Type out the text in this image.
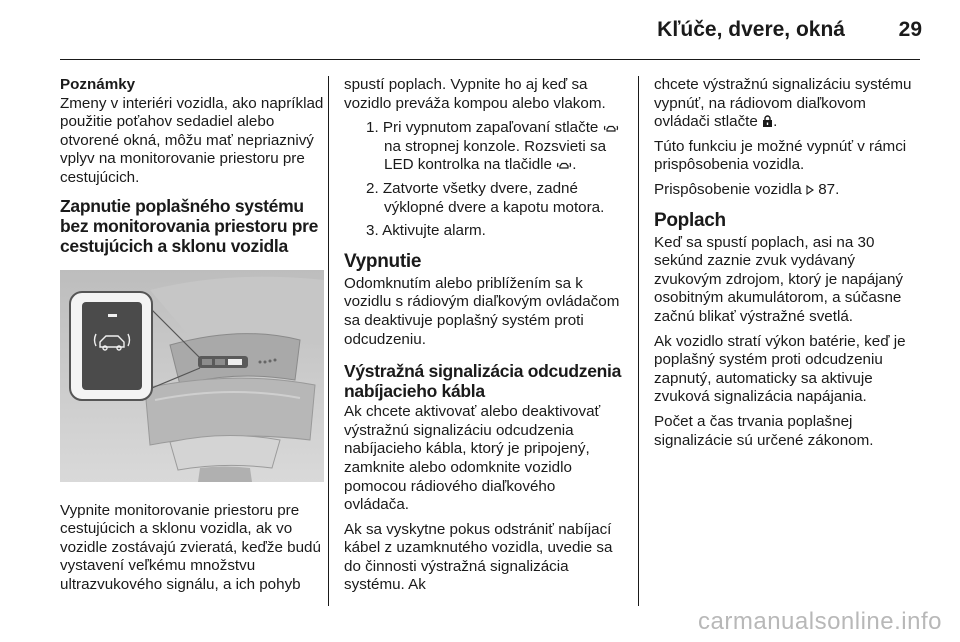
Kľúče, dvere, okná	29

Poznámky

Zmeny v interiéri vozidla, ako napríklad použitie poťahov sedadiel alebo otvorené okná, môžu mať nepriaznivý vplyv na monitorovanie priestoru pre cestujúcich.

Zapnutie poplašného systému bez monitorovania priestoru pre cestujúcich a sklonu vozidla

Vypnite monitorovanie priestoru pre cestujúcich a sklonu vozidla, ak vo vozidle zostávajú zvieratá, keďže budú vystavení veľkému množstvu ultrazvukového signálu, a ich pohyb

spustí poplach. Vypnite ho aj keď sa vozidlo preváža kompou alebo vlakom.

1. Pri vypnutom zapaľovaní stlačte  na stropnej konzole. Rozsvieti sa LED kontrolka na tlačidle .
2. Zatvorte všetky dvere, zadné výklopné dvere a kapotu motora.
3. Aktivujte alarm.
Vypnutie

Odomknutím alebo priblížením sa k vozidlu s rádiovým diaľkovým ovládačom sa deaktivuje poplašný systém proti odcudzeniu.

Výstražná signalizácia odcudzenia nabíjacieho kábla

Ak chcete aktivovať alebo deaktivovať výstražnú signalizáciu odcudzenia nabíjacieho kábla, ktorý je pripojený, zamknite alebo odomknite vozidlo pomocou rádiového diaľkového ovládača.

Ak sa vyskytne pokus odstrániť nabíjací kábel z uzamknutého vozidla, uvedie sa do činnosti výstražná signalizácia systému. Ak

chcete výstražnú signalizáciu systému vypnúť, na rádiovom diaľkovom ovládači stlačte .

Túto funkciu je možné vypnúť v rámci prispôsobenia vozidla.

Prispôsobenie vozidla 87.

Poplach

Keď sa spustí poplach, asi na 30 sekúnd zaznie zvuk vydávaný zvukovým zdrojom, ktorý je napájaný osobitným akumulátorom, a súčasne začnú blikať výstražné svetlá.

Ak vozidlo stratí výkon batérie, keď je poplašný systém proti odcudzeniu zapnutý, automaticky sa aktivuje zvuková signalizácia napájania.

Počet a čas trvania poplašnej signalizácie sú určené zákonom.

carmanualsonline.info
